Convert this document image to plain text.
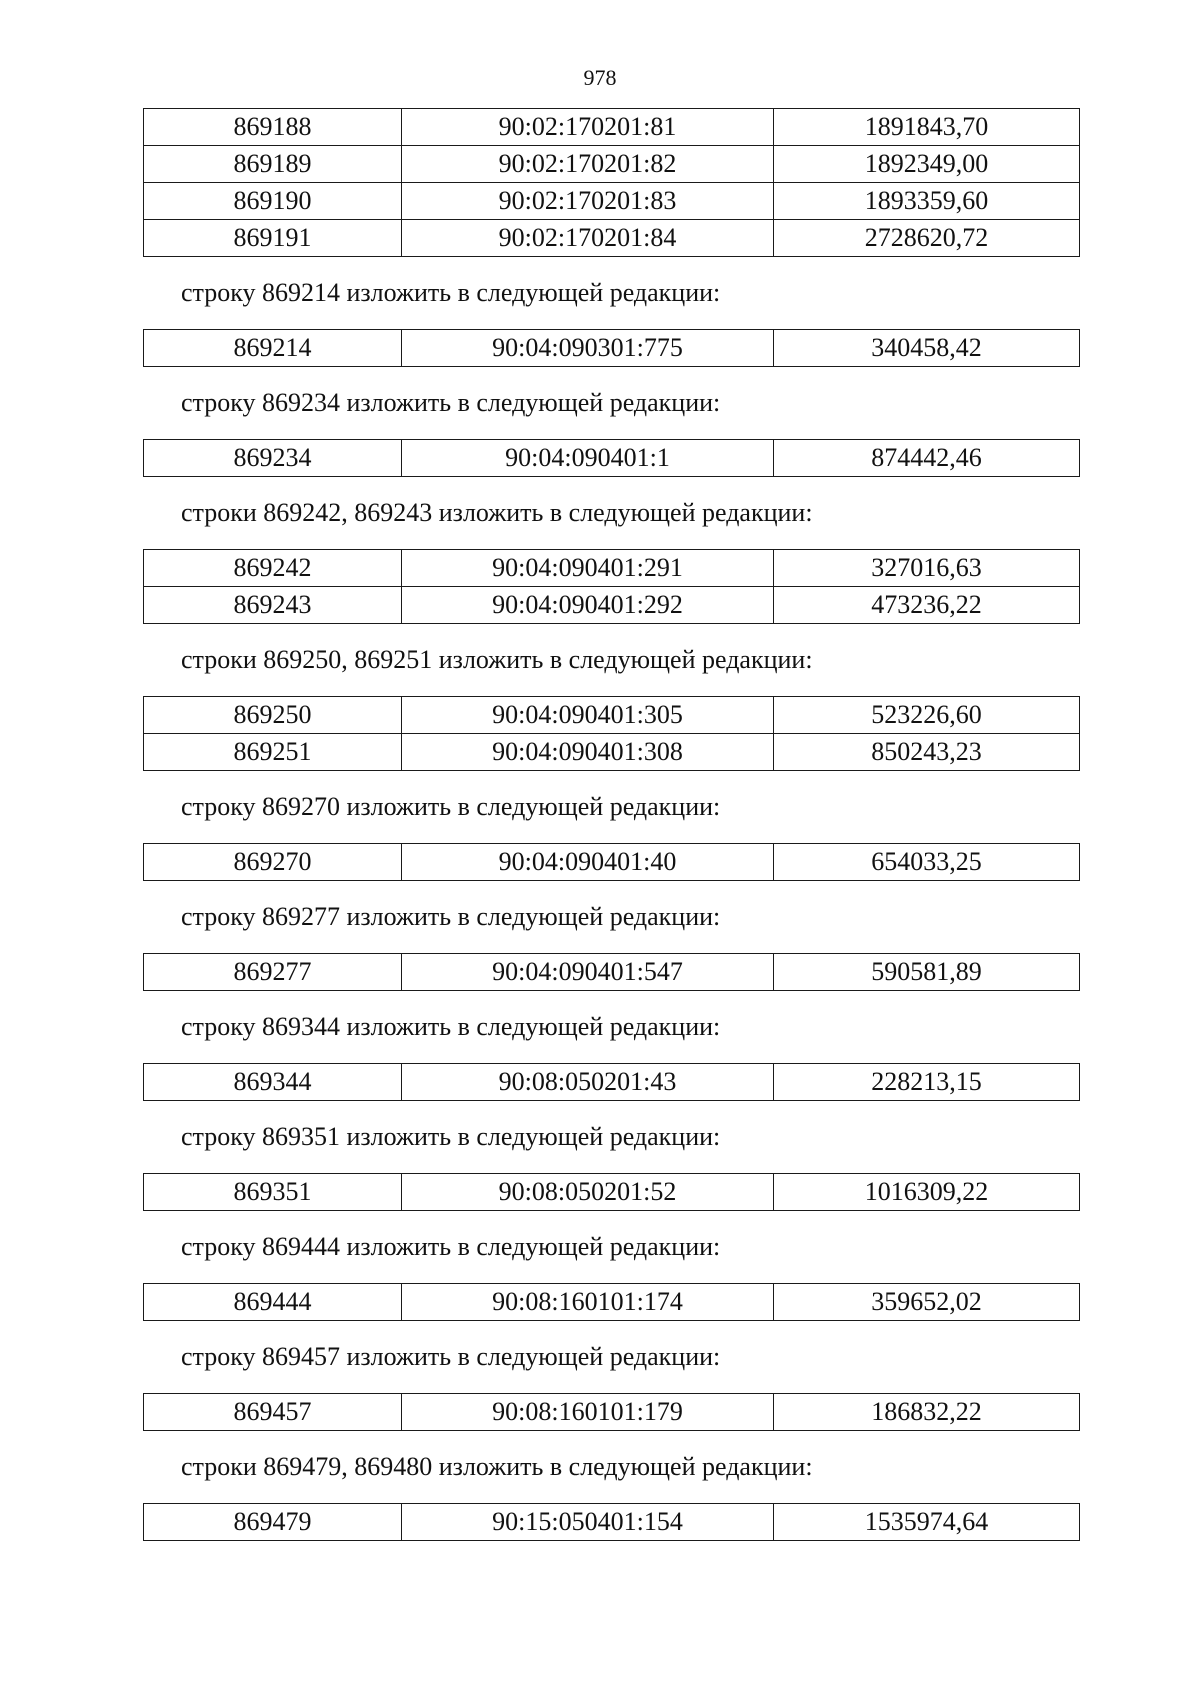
978
869188	90:02:170201:81	1891843,70
869189	90:02:170201:82	1892349,00
869190	90:02:170201:83	1893359,60
869191	90:02:170201:84	2728620,72
строку 869214 изложить в следующей редакции:
869214	90:04:090301:775	340458,42
строку 869234 изложить в следующей редакции:
869234	90:04:090401:1	874442,46
строки 869242, 869243 изложить в следующей редакции:
869242	90:04:090401:291	327016,63
869243	90:04:090401:292	473236,22
строки 869250, 869251 изложить в следующей редакции:
869250	90:04:090401:305	523226,60
869251	90:04:090401:308	850243,23
строку 869270 изложить в следующей редакции:
869270	90:04:090401:40	654033,25
строку 869277 изложить в следующей редакции:
869277	90:04:090401:547	590581,89
строку 869344 изложить в следующей редакции:
869344	90:08:050201:43	228213,15
строку 869351 изложить в следующей редакции:
869351	90:08:050201:52	1016309,22
строку 869444 изложить в следующей редакции:
869444	90:08:160101:174	359652,02
строку 869457 изложить в следующей редакции:
869457	90:08:160101:179	186832,22
строки 869479, 869480 изложить в следующей редакции:
869479	90:15:050401:154	1535974,64
